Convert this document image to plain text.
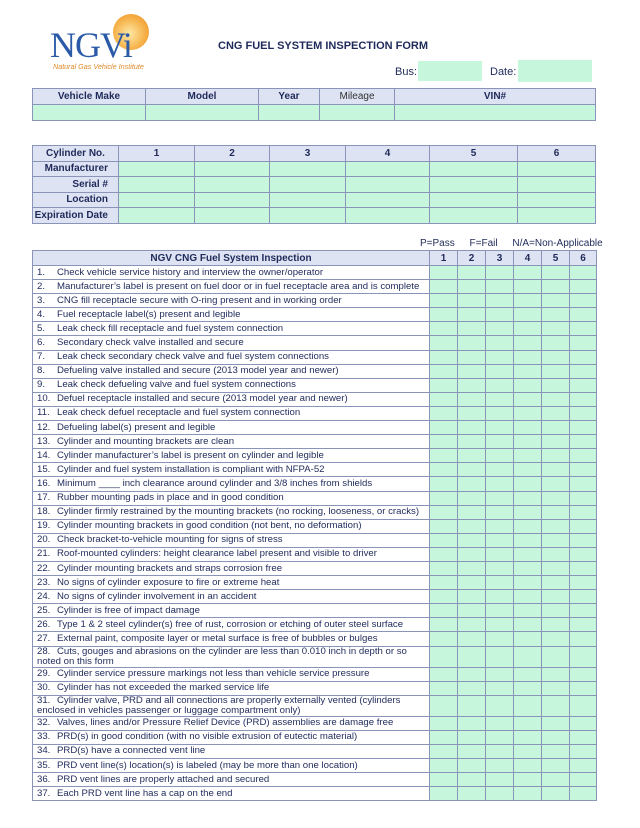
NGVi
Natural Gas Vehicle Institute
CNG FUEL SYSTEM INSPECTION FORM
Bus:	Date:
Vehicle Make	Model	Year	Mileage	VIN#

Cylinder No.	1	2	3	4	5	6
Manufacturer						
Serial #						
Location						
Expiration Date						
P=Pass F=Fail N/A=Non-Applicable
NGV CNG Fuel System Inspection	1	2	3	4	5	6
1. Check vehicle service history and interview the owner/operator						
2. Manufacturer’s label is present on fuel door or in fuel receptacle area and is complete						
3. CNG fill receptacle secure with O-ring present and in working order						
4. Fuel receptacle label(s) present and legible						
5. Leak check fill receptacle and fuel system connection						
6. Secondary check valve installed and secure						
7. Leak check secondary check valve and fuel system connections						
8. Defueling valve installed and secure (2013 model year and newer)						
9. Leak check defueling valve and fuel system connections						
10. Defuel receptacle installed and secure (2013 model year and newer)						
11. Leak check defuel receptacle and fuel system connection						
12. Defueling label(s) present and legible						
13. Cylinder and mounting brackets are clean						
14. Cylinder manufacturer’s label is present on cylinder and legible						
15. Cylinder and fuel system installation is compliant with NFPA-52						
16. Minimum ____ inch clearance around cylinder and 3/8 inches from shields						
17. Rubber mounting pads in place and in good condition						
18. Cylinder firmly restrained by the mounting brackets (no rocking, looseness, or cracks)						
19. Cylinder mounting brackets in good condition (not bent, no deformation)						
20. Check bracket-to-vehicle mounting for signs of stress						
21. Roof-mounted cylinders: height clearance label present and visible to driver						
22. Cylinder mounting brackets and straps corrosion free						
23. No signs of cylinder exposure to fire or extreme heat						
24. No signs of cylinder involvement in an accident						
25. Cylinder is free of impact damage						
26. Type 1 & 2 steel cylinder(s) free of rust, corrosion or etching of outer steel surface						
27. External paint, composite layer or metal surface is free of bubbles or bulges						
28. Cuts, gouges and abrasions on the cylinder are less than 0.010 inch in depth or so noted on this form						
29. Cylinder service pressure markings not less than vehicle service pressure						
30. Cylinder has not exceeded the marked service life						
31. Cylinder valve, PRD and all connections are properly externally vented (cylinders enclosed in vehicles passenger or luggage compartment only)						
32. Valves, lines and/or Pressure Relief Device (PRD) assemblies are damage free						
33. PRD(s) in good condition (with no visible extrusion of eutectic material)						
34. PRD(s) have a connected vent line						
35. PRD vent line(s) location(s) is labeled (may be more than one location)						
36. PRD vent lines are properly attached and secured						
37. Each PRD vent line has a cap on the end						
